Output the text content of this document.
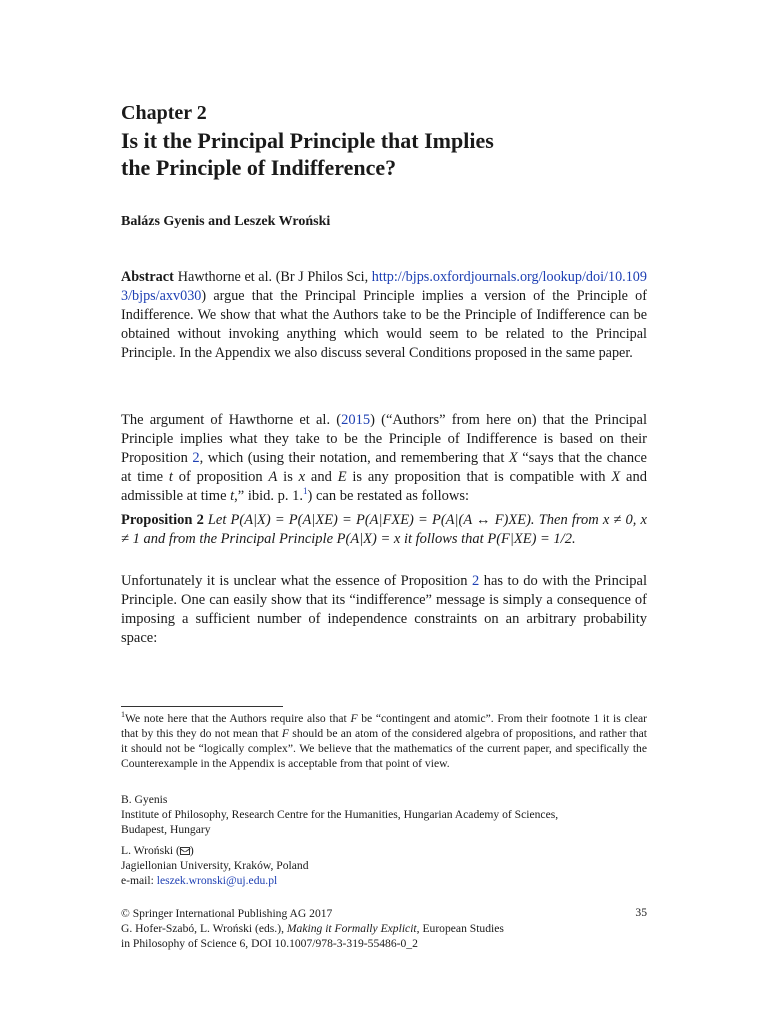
Chapter 2
Is it the Principal Principle that Implies
the Principle of Indifference?
Balázs Gyenis and Leszek Wroński
Abstract Hawthorne et al. (Br J Philos Sci, http://bjps.oxfordjournals.org/lookup/doi/10.1093/bjps/axv030) argue that the Principal Principle implies a version of the Principle of Indifference. We show that what the Authors take to be the Principle of Indifference can be obtained without invoking anything which would seem to be related to the Principal Principle. In the Appendix we also discuss several Conditions proposed in the same paper.
The argument of Hawthorne et al. (2015) (“Authors” from here on) that the Principal Principle implies what they take to be the Principle of Indifference is based on their Proposition 2, which (using their notation, and remembering that X “says that the chance at time t of proposition A is x and E is any proposition that is compatible with X and admissible at time t,” ibid. p. 1.$^1$) can be restated as follows:
Proposition 2 Let P(A|X) = P(A|XE) = P(A|FXE) = P(A|(A ↔ F)XE). Then from x ≠ 0, x ≠ 1 and from the Principal Principle P(A|X) = x it follows that P(F|XE) = 1/2.
Unfortunately it is unclear what the essence of Proposition 2 has to do with the Principal Principle. One can easily show that its “indifference” message is simply a consequence of imposing a sufficient number of independence constraints on an arbitrary probability space:
$^1$We note here that the Authors require also that F be “contingent and atomic”. From their footnote 1 it is clear that by this they do not mean that F should be an atom of the considered algebra of propositions, and rather that it should not be “logically complex”. We believe that the mathematics of the current paper, and specifically the Counterexample in the Appendix is acceptable from that point of view.
B. Gyenis
Institute of Philosophy, Research Centre for the Humanities, Hungarian Academy of Sciences,
Budapest, Hungary
L. Wroński ( )
Jagiellonian University, Kraków, Poland
e-mail: leszek.wronski@uj.edu.pl
© Springer International Publishing AG 2017
G. Hofer-Szabó, L. Wroński (eds.), Making it Formally Explicit, European Studies
in Philosophy of Science 6, DOI 10.1007/978-3-319-55486-0_2
35
